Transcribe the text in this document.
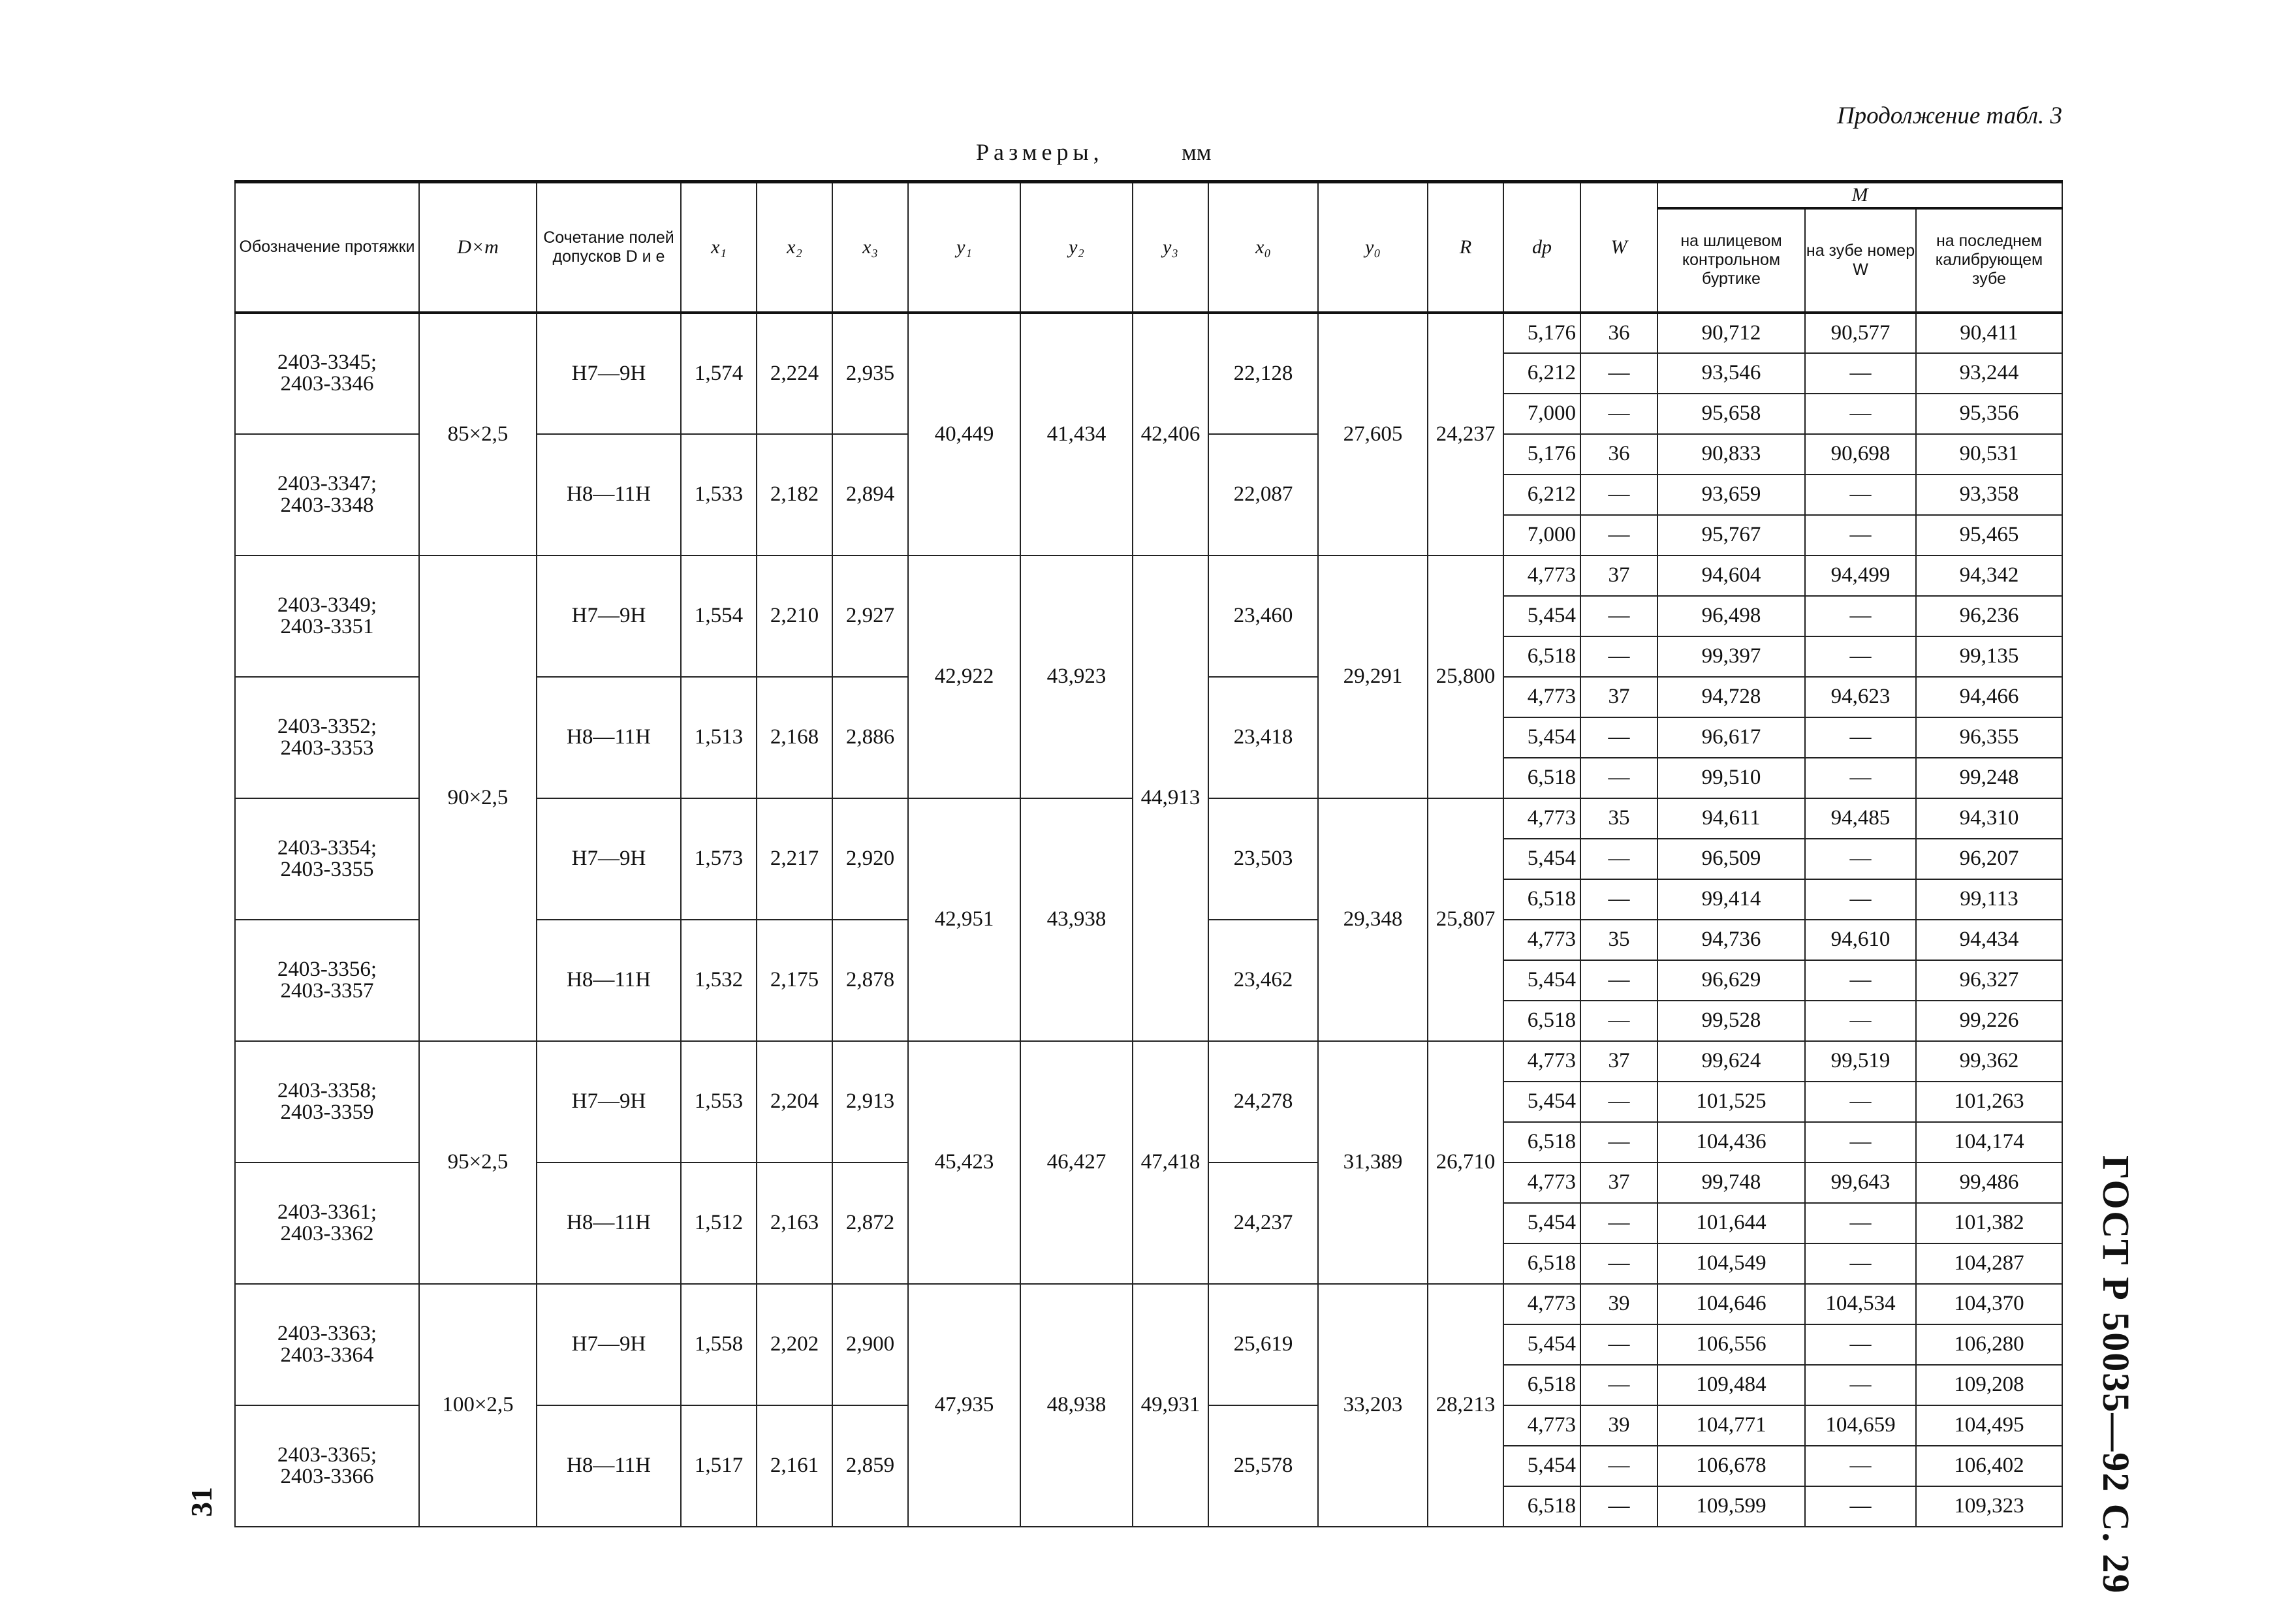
Продолжение табл. 3
Размеры,	мм
ГОСТ Р 50035—92 С. 29
31
Обозначение протяжки	D×m	Сочетание полей допусков D и e	x₁	x₂	x₃	y₁	y₂	y₃	x₀	y₀	R	dp	W	M		
														на шлицевом контрольном буртике	на зубе номер W	на последнем калибрующем зубе
2403-3345;
2403-3346	85×2,5	H7—9H	1,574	2,224	2,935	40,449	41,434	42,406	22,128	27,605	24,237	5,176	36	90,712	90,577	90,411
												6,212	—	93,546	—	93,244
												7,000	—	95,658	—	95,356
2403-3347;
2403-3348		H8—11H	1,533	2,182	2,894				22,087			5,176	36	90,833	90,698	90,531
												6,212	—	93,659	—	93,358
												7,000	—	95,767	—	95,465
2403-3349;
2403-3351	90×2,5	H7—9H	1,554	2,210	2,927	42,922	43,923	44,913	23,460	29,291	25,800	4,773	37	94,604	94,499	94,342
												5,454	—	96,498	—	96,236
												6,518	—	99,397	—	99,135
2403-3352;
2403-3353		H8—11H	1,513	2,168	2,886				23,418			4,773	37	94,728	94,623	94,466
												5,454	—	96,617	—	96,355
												6,518	—	99,510	—	99,248
2403-3354;
2403-3355		H7—9H	1,573	2,217	2,920	42,951	43,938		23,503	29,348	25,807	4,773	35	94,611	94,485	94,310
												5,454	—	96,509	—	96,207
												6,518	—	99,414	—	99,113
2403-3356;
2403-3357		H8—11H	1,532	2,175	2,878				23,462			4,773	35	94,736	94,610	94,434
												5,454	—	96,629	—	96,327
												6,518	—	99,528	—	99,226
2403-3358;
2403-3359	95×2,5	H7—9H	1,553	2,204	2,913	45,423	46,427	47,418	24,278	31,389	26,710	4,773	37	99,624	99,519	99,362
												5,454	—	101,525	—	101,263
												6,518	—	104,436	—	104,174
2403-3361;
2403-3362		H8—11H	1,512	2,163	2,872				24,237			4,773	37	99,748	99,643	99,486
												5,454	—	101,644	—	101,382
												6,518	—	104,549	—	104,287
2403-3363;
2403-3364	100×2,5	H7—9H	1,558	2,202	2,900	47,935	48,938	49,931	25,619	33,203	28,213	4,773	39	104,646	104,534	104,370
												5,454	—	106,556	—	106,280
												6,518	—	109,484	—	109,208
2403-3365;
2403-3366		H8—11H	1,517	2,161	2,859				25,578			4,773	39	104,771	104,659	104,495
												5,454	—	106,678	—	106,402
												6,518	—	109,599	—	109,323
